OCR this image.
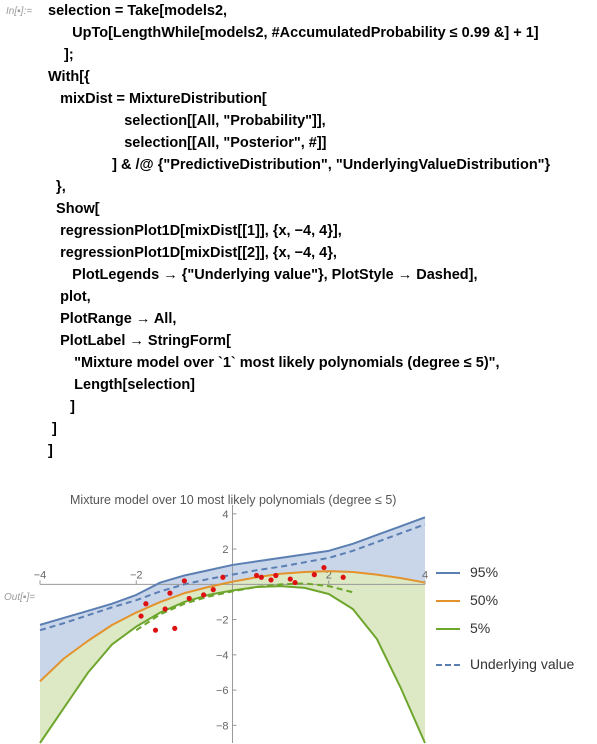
In[▪]:=
Out[▪]=
selection = Take[models2,
UpTo[LengthWhile[models2, #AccumulatedProbability ≤ 0.99 &] + 1]
];
With[{
mixDist = MixtureDistribution[
selection[[All, "Probability"]],
selection[[All, "Posterior", #]]
] & /@ {"PredictiveDistribution", "UnderlyingValueDistribution"}
},
Show[
regressionPlot1D[mixDist[[1]], {x, −4, 4}],
regressionPlot1D[mixDist[[2]], {x, −4, 4},
PlotLegends → {"Underlying value"}, PlotStyle → Dashed],
plot,
PlotRange → All,
PlotLabel → StringForm[
"Mixture model over `1` most likely polynomials (degree ≤ 5)",
Length[selection]
]
]
]
Mixture model over 10 most likely polynomials (degree ≤ 5)
−4	−2	2	4
−8
−6
−4
−2
2
4
95%
50%
5%
Underlying value
